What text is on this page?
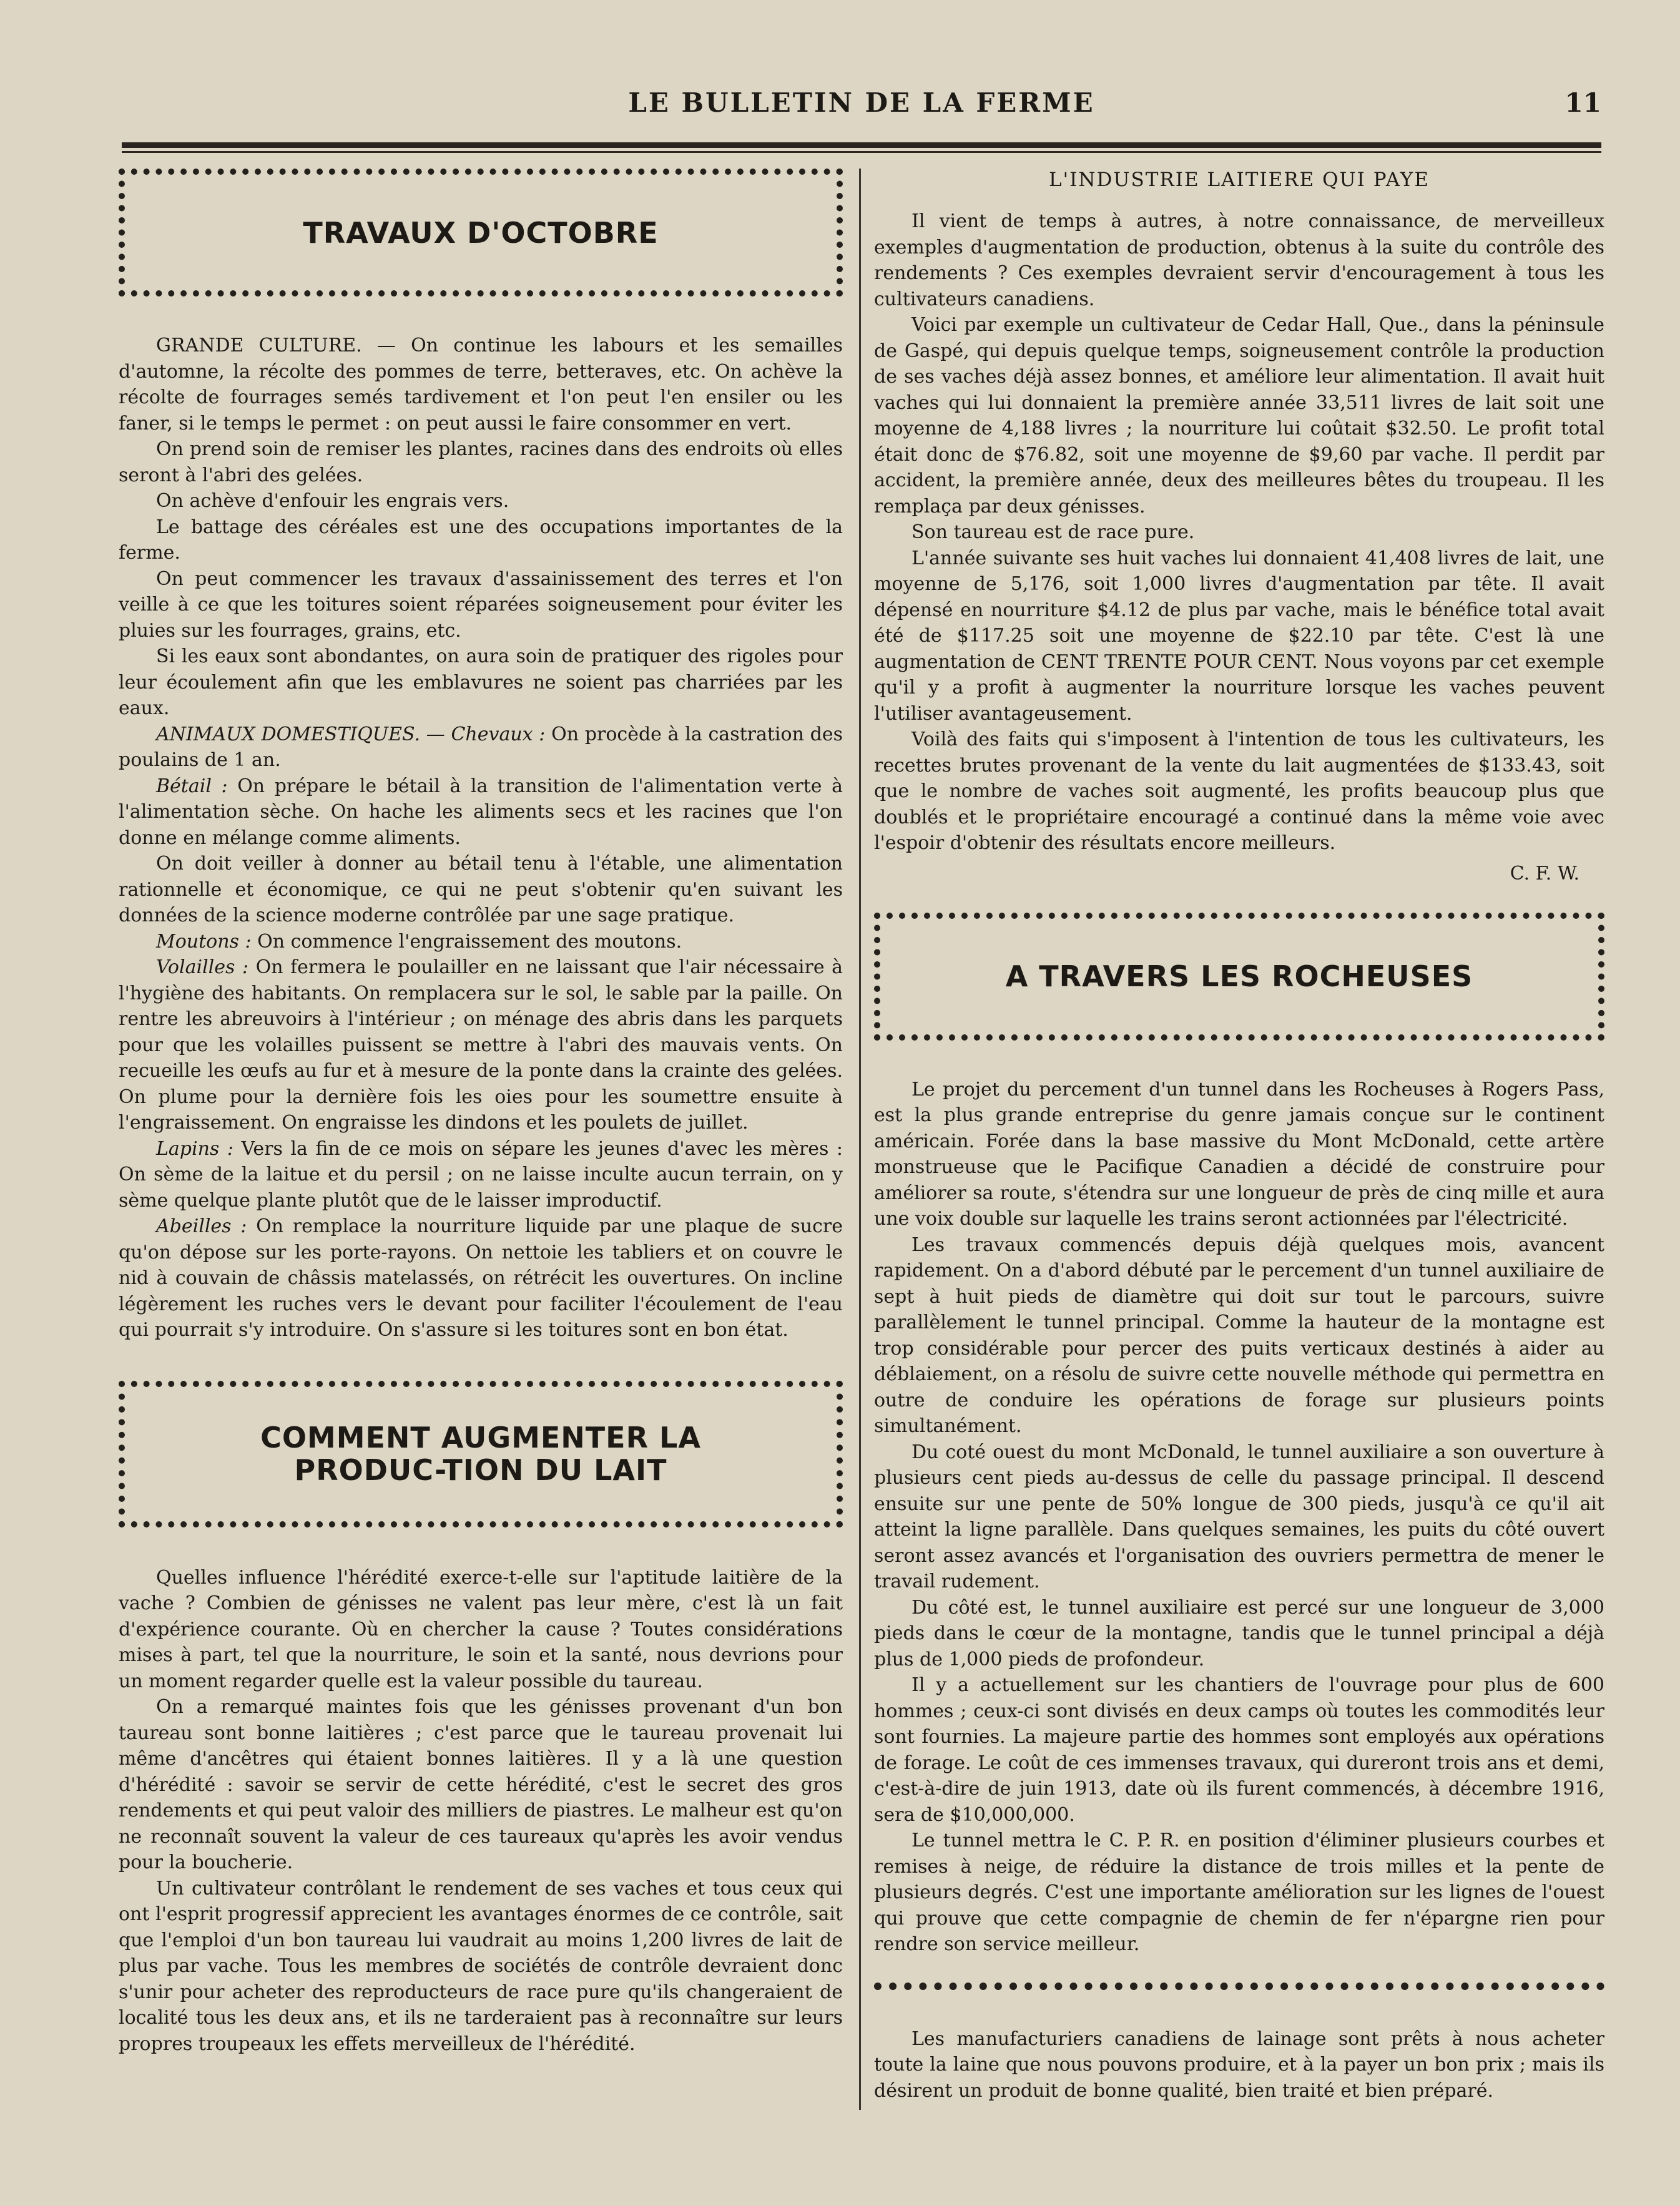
LE BULLETIN DE LA FERME	11
TRAVAUX D'OCTOBRE

GRANDE CULTURE. — On continue les labours et les semailles d'automne, la récolte des pommes de terre, betteraves, etc. On achève la récolte de fourrages semés tardivement et l'on peut l'en ensiler ou les faner, si le temps le permet : on peut aussi le faire consommer en vert.

On prend soin de remiser les plantes, racines dans des endroits où elles seront à l'abri des gelées.

On achève d'enfouir les engrais vers.

Le battage des céréales est une des occupations importantes de la ferme.

On peut commencer les travaux d'assainissement des terres et l'on veille à ce que les toitures soient réparées soigneusement pour éviter les pluies sur les fourrages, grains, etc.

Si les eaux sont abondantes, on aura soin de pratiquer des rigoles pour leur écoulement afin que les emblavures ne soient pas charriées par les eaux.

ANIMAUX DOMESTIQUES. — Chevaux : On procède à la castration des poulains de 1 an.

Bétail : On prépare le bétail à la transition de l'alimentation verte à l'alimentation sèche. On hache les aliments secs et les racines que l'on donne en mélange comme aliments.

On doit veiller à donner au bétail tenu à l'étable, une alimentation rationnelle et économique, ce qui ne peut s'obtenir qu'en suivant les données de la science moderne contrôlée par une sage pratique.

Moutons : On commence l'engraissement des moutons.

Volailles : On fermera le poulailler en ne laissant que l'air nécessaire à l'hygiène des habitants. On remplacera sur le sol, le sable par la paille. On rentre les abreuvoirs à l'intérieur ; on ménage des abris dans les parquets pour que les volailles puissent se mettre à l'abri des mauvais vents. On recueille les œufs au fur et à mesure de la ponte dans la crainte des gelées. On plume pour la dernière fois les oies pour les soumettre ensuite à l'engraissement. On engraisse les dindons et les poulets de juillet.

Lapins : Vers la fin de ce mois on sépare les jeunes d'avec les mères : On sème de la laitue et du persil ; on ne laisse inculte aucun terrain, on y sème quelque plante plutôt que de le laisser improductif.

Abeilles : On remplace la nourriture liquide par une plaque de sucre qu'on dépose sur les porte-rayons. On nettoie les tabliers et on couvre le nid à couvain de châssis matelassés, on rétrécit les ouvertures. On incline légèrement les ruches vers le devant pour faciliter l'écoulement de l'eau qui pourrait s'y introduire. On s'assure si les toitures sont en bon état.

COMMENT AUGMENTER LA PRODUC-TION DU LAIT

Quelles influence l'hérédité exerce-t-elle sur l'aptitude laitière de la vache ? Combien de génisses ne valent pas leur mère, c'est là un fait d'expérience courante. Où en chercher la cause ? Toutes considérations mises à part, tel que la nourriture, le soin et la santé, nous devrions pour un moment regarder quelle est la valeur possible du taureau.

On a remarqué maintes fois que les génisses provenant d'un bon taureau sont bonne laitières ; c'est parce que le taureau provenait lui même d'ancêtres qui étaient bonnes laitières. Il y a là une question d'hérédité : savoir se servir de cette hérédité, c'est le secret des gros rendements et qui peut valoir des milliers de piastres. Le malheur est qu'on ne reconnaît souvent la valeur de ces taureaux qu'après les avoir vendus pour la boucherie.

Un cultivateur contrôlant le rendement de ses vaches et tous ceux qui ont l'esprit progressif apprecient les avantages énormes de ce contrôle, sait que l'emploi d'un bon taureau lui vaudrait au moins 1,200 livres de lait de plus par vache. Tous les membres de sociétés de contrôle devraient donc s'unir pour acheter des reproducteurs de race pure qu'ils changeraient de localité tous les deux ans, et ils ne tarderaient pas à reconnaître sur leurs propres troupeaux les effets merveilleux de l'hérédité.

L'INDUSTRIE LAITIERE QUI PAYE

Il vient de temps à autres, à notre connaissance, de merveilleux exemples d'augmentation de production, obtenus à la suite du contrôle des rendements ? Ces exemples devraient servir d'encouragement à tous les cultivateurs canadiens.

Voici par exemple un cultivateur de Cedar Hall, Que., dans la péninsule de Gaspé, qui depuis quelque temps, soigneusement contrôle la production de ses vaches déjà assez bonnes, et améliore leur alimentation. Il avait huit vaches qui lui donnaient la première année 33,511 livres de lait soit une moyenne de 4,188 livres ; la nourriture lui coûtait $32.50. Le profit total était donc de $76.82, soit une moyenne de $9,60 par vache. Il perdit par accident, la première année, deux des meilleures bêtes du troupeau. Il les remplaça par deux génisses.

Son taureau est de race pure.

L'année suivante ses huit vaches lui donnaient 41,408 livres de lait, une moyenne de 5,176, soit 1,000 livres d'augmentation par tête. Il avait dépensé en nourriture $4.12 de plus par vache, mais le bénéfice total avait été de $117.25 soit une moyenne de $22.10 par tête. C'est là une augmentation de CENT TRENTE POUR CENT. Nous voyons par cet exemple qu'il y a profit à augmenter la nourriture lorsque les vaches peuvent l'utiliser avantageusement.

Voilà des faits qui s'imposent à l'intention de tous les cultivateurs, les recettes brutes provenant de la vente du lait augmentées de $133.43, soit que le nombre de vaches soit augmenté, les profits beaucoup plus que doublés et le propriétaire encouragé a continué dans la même voie avec l'espoir d'obtenir des résultats encore meilleurs.

C. F. W.
A TRAVERS LES ROCHEUSES

Le projet du percement d'un tunnel dans les Rocheuses à Rogers Pass, est la plus grande entreprise du genre jamais conçue sur le continent américain. Forée dans la base massive du Mont McDonald, cette artère monstrueuse que le Pacifique Canadien a décidé de construire pour améliorer sa route, s'étendra sur une longueur de près de cinq mille et aura une voix double sur laquelle les trains seront actionnées par l'électricité.

Les travaux commencés depuis déjà quelques mois, avancent rapidement. On a d'abord débuté par le percement d'un tunnel auxiliaire de sept à huit pieds de diamètre qui doit sur tout le parcours, suivre parallèlement le tunnel principal. Comme la hauteur de la montagne est trop considérable pour percer des puits verticaux destinés à aider au déblaiement, on a résolu de suivre cette nouvelle méthode qui permettra en outre de conduire les opérations de forage sur plusieurs points simultanément.

Du coté ouest du mont McDonald, le tunnel auxiliaire a son ouverture à plusieurs cent pieds au-dessus de celle du passage principal. Il descend ensuite sur une pente de 50% longue de 300 pieds, jusqu'à ce qu'il ait atteint la ligne parallèle. Dans quelques semaines, les puits du côté ouvert seront assez avancés et l'organisation des ouvriers permettra de mener le travail rudement.

Du côté est, le tunnel auxiliaire est percé sur une longueur de 3,000 pieds dans le cœur de la montagne, tandis que le tunnel principal a déjà plus de 1,000 pieds de profondeur.

Il y a actuellement sur les chantiers de l'ouvrage pour plus de 600 hommes ; ceux-ci sont divisés en deux camps où toutes les commodités leur sont fournies. La majeure partie des hommes sont employés aux opérations de forage. Le coût de ces immenses travaux, qui dureront trois ans et demi, c'est-à-dire de juin 1913, date où ils furent commencés, à décembre 1916, sera de $10,000,000.

Le tunnel mettra le C. P. R. en position d'éliminer plusieurs courbes et remises à neige, de réduire la distance de trois milles et la pente de plusieurs degrés. C'est une importante amélioration sur les lignes de l'ouest qui prouve que cette compagnie de chemin de fer n'épargne rien pour rendre son service meilleur.

Les manufacturiers canadiens de lainage sont prêts à nous acheter toute la laine que nous pouvons produire, et à la payer un bon prix ; mais ils désirent un produit de bonne qualité, bien traité et bien préparé.
